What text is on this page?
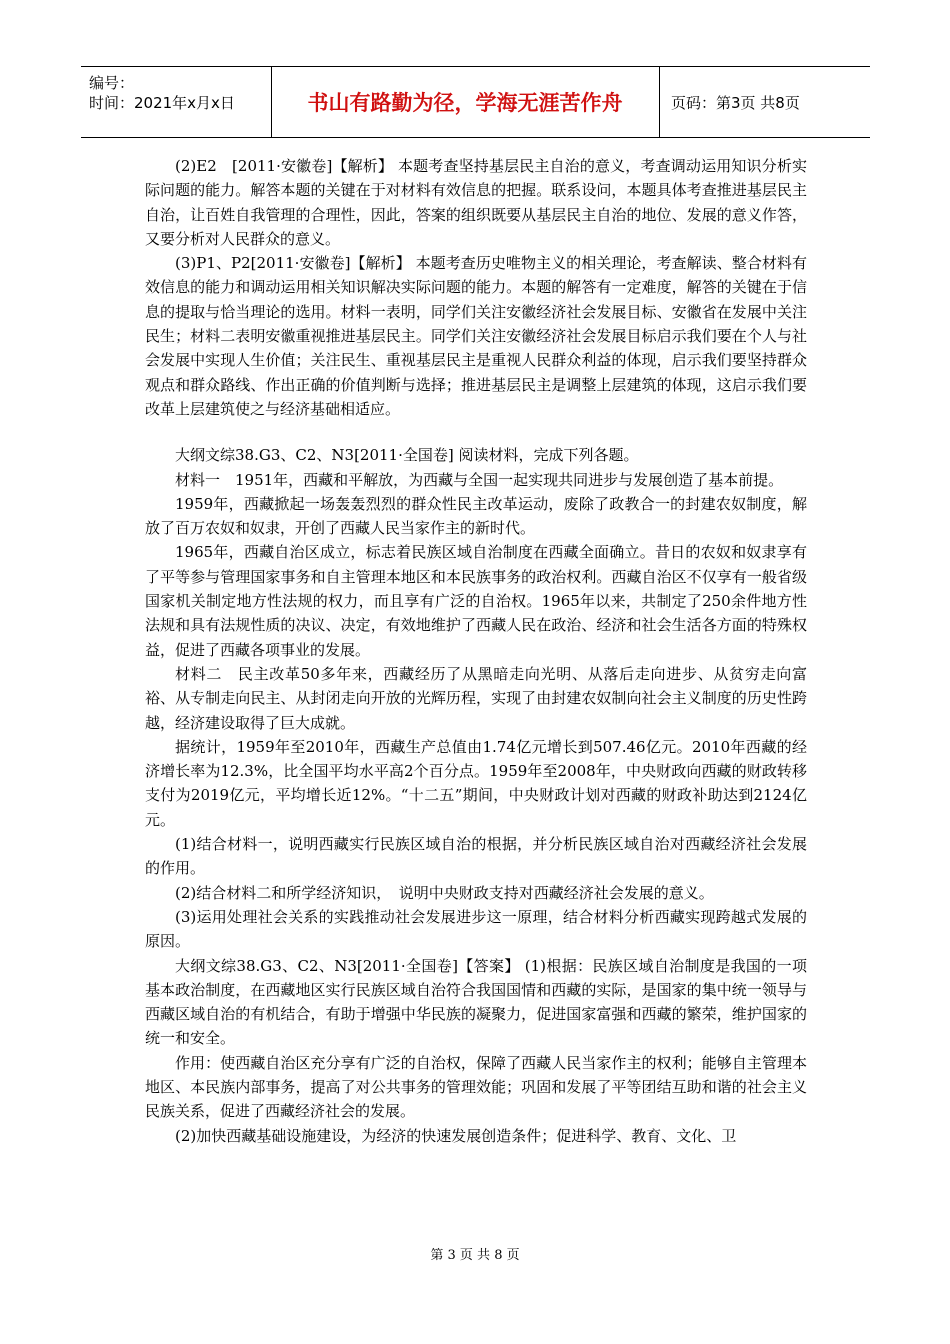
编号：
时间：2021年x月x日	书山有路勤为径，学海无涯苦作舟	页码：第3页 共8页

(2)E2　[2011·安徽卷]【解析】 本题考查坚持基层民主自治的意义，考查调动运用知识分析实际问题的能力。解答本题的关键在于对材料有效信息的把握。联系设问，本题具体考查推进基层民主自治，让百姓自我管理的合理性，因此，答案的组织既要从基层民主自治的地位、发展的意义作答，又要分析对人民群众的意义。

(3)P1、P2[2011·安徽卷]【解析】 本题考查历史唯物主义的相关理论，考查解读、整合材料有效信息的能力和调动运用相关知识解决实际问题的能力。本题的解答有一定难度，解答的关键在于信息的提取与恰当理论的选用。材料一表明，同学们关注安徽经济社会发展目标、安徽省在发展中关注民生；材料二表明安徽重视推进基层民主。同学们关注安徽经济社会发展目标启示我们要在个人与社会发展中实现人生价值；关注民生、重视基层民主是重视人民群众利益的体现，启示我们要坚持群众观点和群众路线、作出正确的价值判断与选择；推进基层民主是调整上层建筑的体现，这启示我们要改革上层建筑使之与经济基础相适应。

大纲文综38.G3、C2、N3[2011·全国卷] 阅读材料，完成下列各题。

材料一　1951年，西藏和平解放，为西藏与全国一起实现共同进步与发展创造了基本前提。

1959年，西藏掀起一场轰轰烈烈的群众性民主改革运动，废除了政教合一的封建农奴制度，解放了百万农奴和奴隶，开创了西藏人民当家作主的新时代。

1965年，西藏自治区成立，标志着民族区域自治制度在西藏全面确立。昔日的农奴和奴隶享有了平等参与管理国家事务和自主管理本地区和本民族事务的政治权利。西藏自治区不仅享有一般省级国家机关制定地方性法规的权力，而且享有广泛的自治权。1965年以来，共制定了250余件地方性法规和具有法规性质的决议、决定，有效地维护了西藏人民在政治、经济和社会生活各方面的特殊权益，促进了西藏各项事业的发展。

材料二　民主改革50多年来，西藏经历了从黑暗走向光明、从落后走向进步、从贫穷走向富裕、从专制走向民主、从封闭走向开放的光辉历程，实现了由封建农奴制向社会主义制度的历史性跨越，经济建设取得了巨大成就。

据统计，1959年至2010年，西藏生产总值由1.74亿元增长到507.46亿元。2010年西藏的经济增长率为12.3%，比全国平均水平高2个百分点。1959年至2008年，中央财政向西藏的财政转移支付为2019亿元，平均增长近12%。“十二五”期间，中央财政计划对西藏的财政补助达到2124亿元。

(1)结合材料一，说明西藏实行民族区域自治的根据，并分析民族区域自治对西藏经济社会发展的作用。

(2)结合材料二和所学经济知识，　说明中央财政支持对西藏经济社会发展的意义。

(3)运用处理社会关系的实践推动社会发展进步这一原理，结合材料分析西藏实现跨越式发展的原因。

大纲文综38.G3、C2、N3[2011·全国卷]【答案】 (1)根据：民族区域自治制度是我国的一项基本政治制度，在西藏地区实行民族区域自治符合我国国情和西藏的实际，是国家的集中统一领导与西藏区域自治的有机结合，有助于增强中华民族的凝聚力，促进国家富强和西藏的繁荣，维护国家的统一和安全。

作用：使西藏自治区充分享有广泛的自治权，保障了西藏人民当家作主的权利；能够自主管理本地区、本民族内部事务，提高了对公共事务的管理效能；巩固和发展了平等团结互助和谐的社会主义民族关系，促进了西藏经济社会的发展。

(2)加快西藏基础设施建设，为经济的快速发展创造条件；促进科学、教育、文化、卫

第 3 页 共 8 页
